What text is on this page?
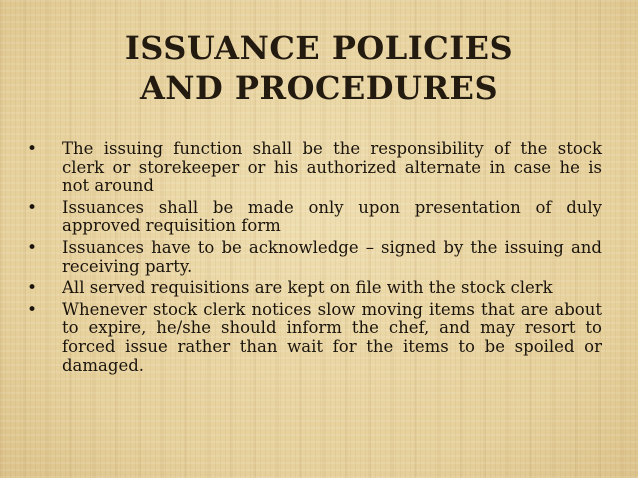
ISSUANCE POLICIES
AND PROCEDURES
• The issuing function shall be the responsibility of the stock clerk or storekeeper or his authorized alternate in case he is not around
• Issuances shall be made only upon presentation of duly approved requisition form
• Issuances have to be acknowledge – signed by the issuing and receiving party.
• All served requisitions are kept on file with the stock clerk
• Whenever stock clerk notices slow moving items that are about to expire, he/she should inform the chef, and may resort to forced issue rather than wait for the items to be spoiled or damaged.
